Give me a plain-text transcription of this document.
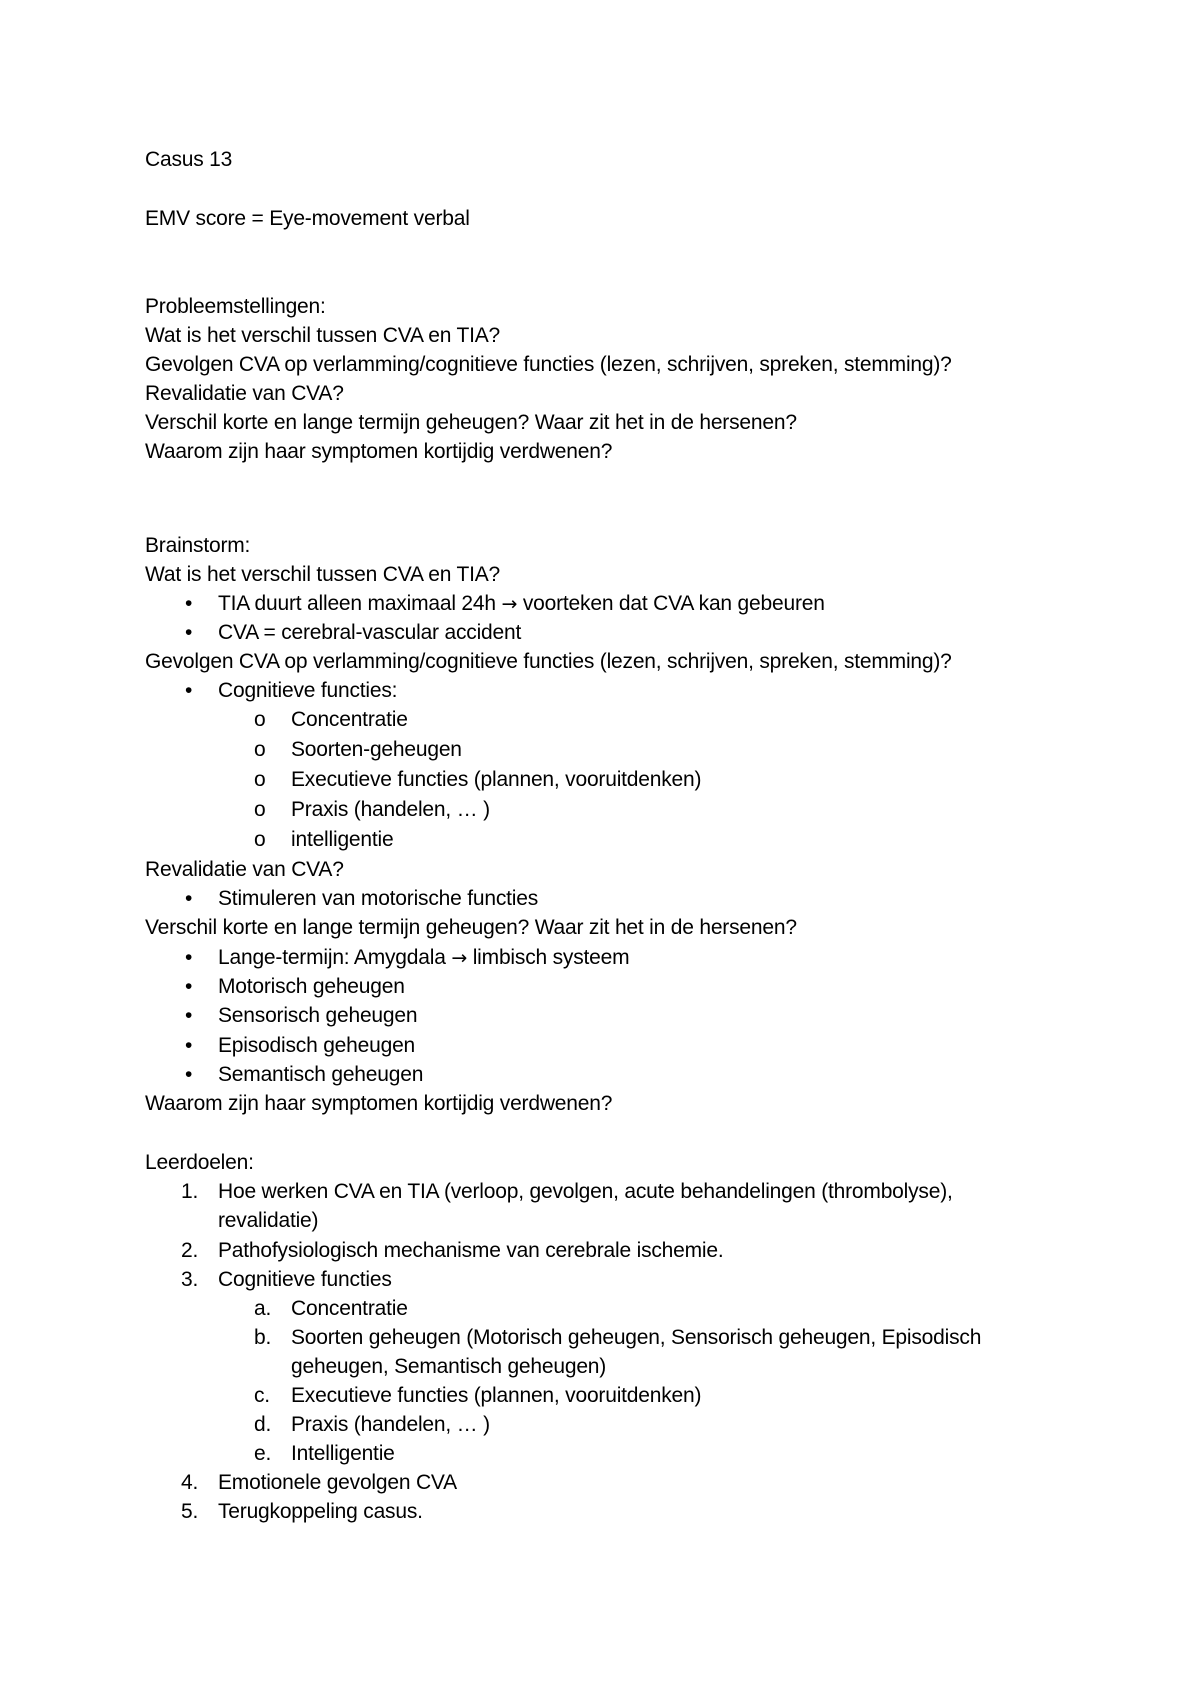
Casus 13
EMV score = Eye-movement verbal
Probleemstellingen:
Wat is het verschil tussen CVA en TIA?
Gevolgen CVA op verlamming/cognitieve functies (lezen, schrijven, spreken, stemming)?
Revalidatie van CVA?
Verschil korte en lange termijn geheugen? Waar zit het in de hersenen?
Waarom zijn haar symptomen kortijdig verdwenen?
Brainstorm:
Wat is het verschil tussen CVA en TIA?
• TIA duurt alleen maximaal 24h → voorteken dat CVA kan gebeuren
• CVA = cerebral-vascular accident
Gevolgen CVA op verlamming/cognitieve functies (lezen, schrijven, spreken, stemming)?
• Cognitieve functies:
o Concentratie
o Soorten-geheugen
o Executieve functies (plannen, vooruitdenken)
o Praxis (handelen, … )
o intelligentie
Revalidatie van CVA?
• Stimuleren van motorische functies
Verschil korte en lange termijn geheugen? Waar zit het in de hersenen?
• Lange-termijn: Amygdala → limbisch systeem
• Motorisch geheugen
• Sensorisch geheugen
• Episodisch geheugen
• Semantisch geheugen
Waarom zijn haar symptomen kortijdig verdwenen?
Leerdoelen:
1. Hoe werken CVA en TIA (verloop, gevolgen, acute behandelingen (thrombolyse),
revalidatie)
2. Pathofysiologisch mechanisme van cerebrale ischemie.
3. Cognitieve functies
a. Concentratie
b. Soorten geheugen (Motorisch geheugen, Sensorisch geheugen, Episodisch
geheugen, Semantisch geheugen)
c. Executieve functies (plannen, vooruitdenken)
d. Praxis (handelen, … )
e. Intelligentie
4. Emotionele gevolgen CVA
5. Terugkoppeling casus.
